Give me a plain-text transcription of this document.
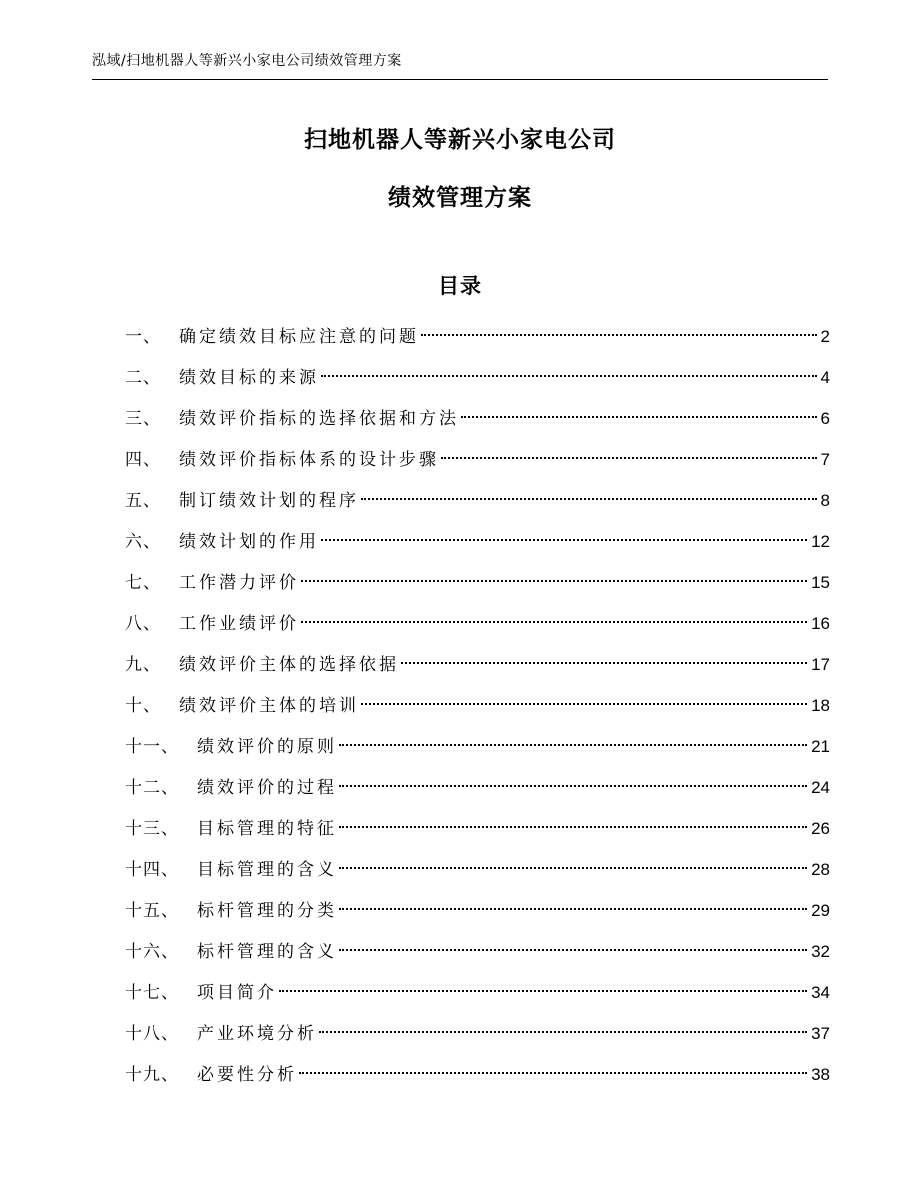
泓域/扫地机器人等新兴小家电公司绩效管理方案
扫地机器人等新兴小家电公司
绩效管理方案
目录
一、 确定绩效目标应注意的问题	2
二、 绩效目标的来源	4
三、 绩效评价指标的选择依据和方法	6
四、 绩效评价指标体系的设计步骤	7
五、 制订绩效计划的程序	8
六、 绩效计划的作用	12
七、 工作潜力评价	15
八、 工作业绩评价	16
九、 绩效评价主体的选择依据	17
十、 绩效评价主体的培训	18
十一、 绩效评价的原则	21
十二、 绩效评价的过程	24
十三、 目标管理的特征	26
十四、 目标管理的含义	28
十五、 标杆管理的分类	29
十六、 标杆管理的含义	32
十七、 项目简介	34
十八、 产业环境分析	37
十九、 必要性分析	38
